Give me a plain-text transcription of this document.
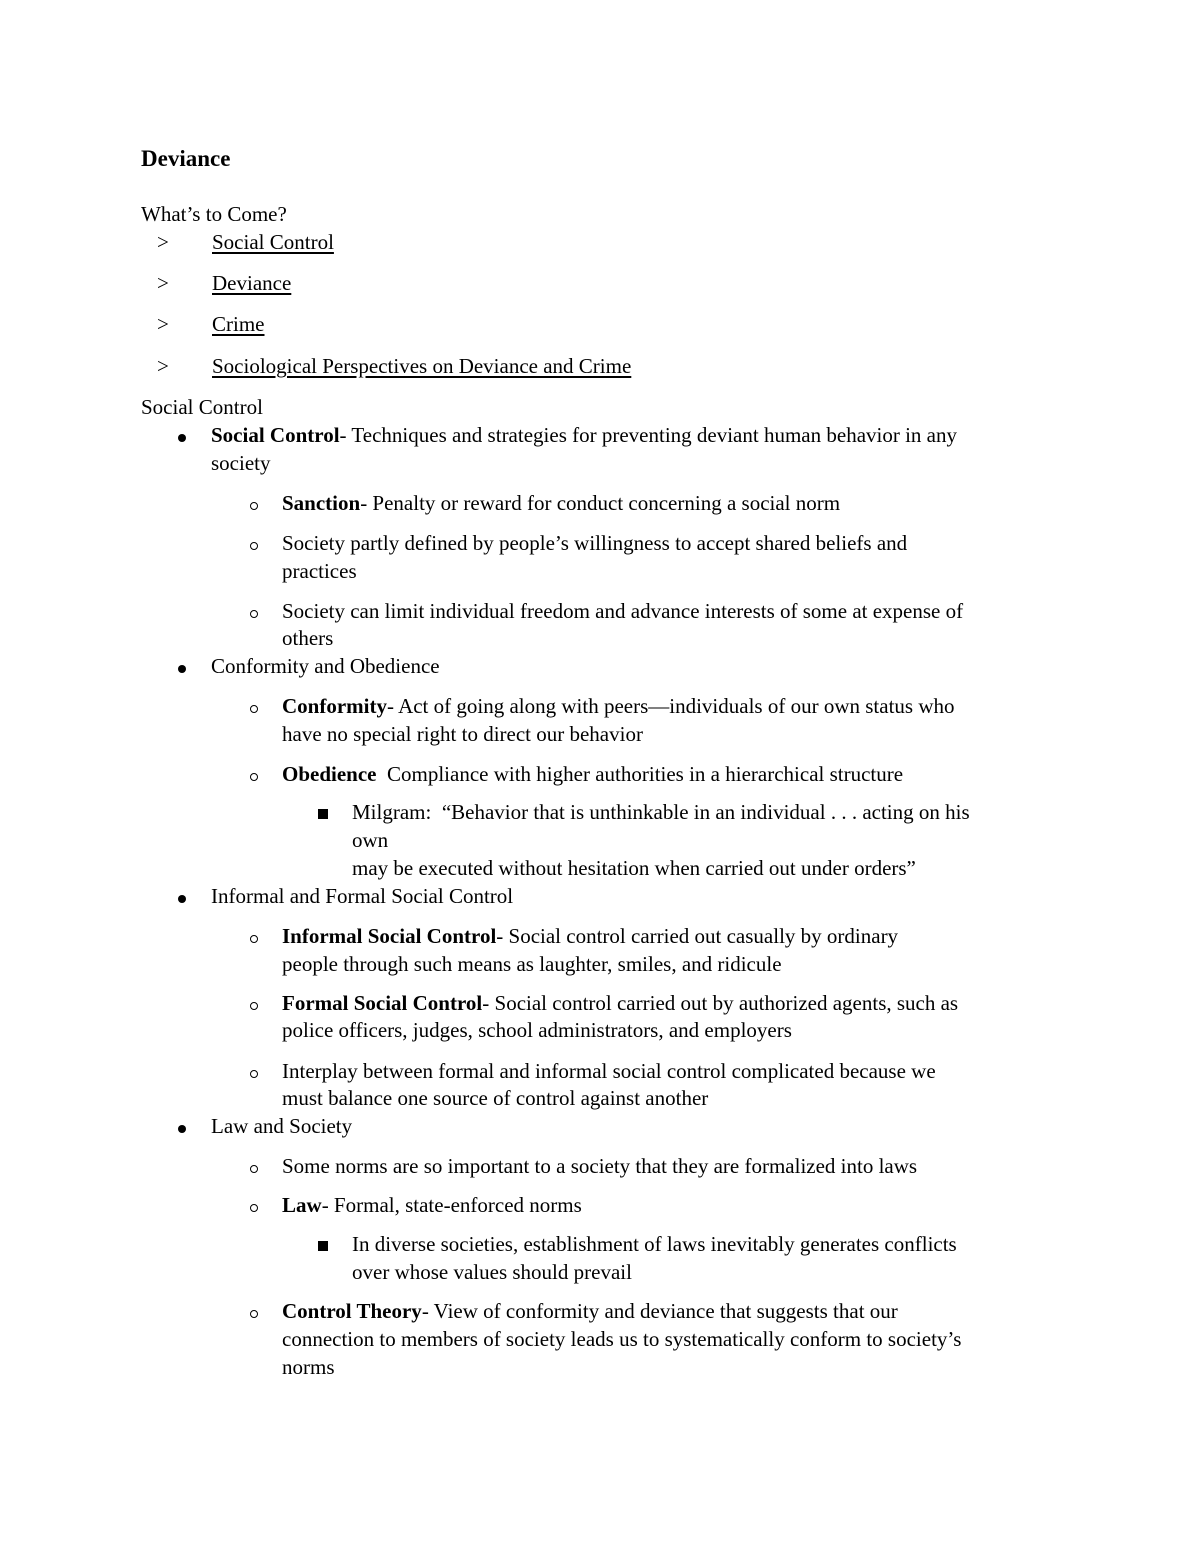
Deviance

What’s to Come?

> Social Control

> Deviance

> Crime

> Sociological Perspectives on Deviance and Crime

Social Control

Social Control- Techniques and strategies for preventing deviant human behavior in any

society

Sanction- Penalty or reward for conduct concerning a social norm

Society partly defined by people’s willingness to accept shared beliefs and

practices

Society can limit individual freedom and advance interests of some at expense of

others

Conformity and Obedience

Conformity- Act of going along with peers—individuals of our own status who

have no special right to direct our behavior

Obedience  Compliance with higher authorities in a hierarchical structure

Milgram:  “Behavior that is unthinkable in an individual . . . acting on his

own

may be executed without hesitation when carried out under orders”

Informal and Formal Social Control

Informal Social Control- Social control carried out casually by ordinary

people through such means as laughter, smiles, and ridicule

Formal Social Control- Social control carried out by authorized agents, such as

police officers, judges, school administrators, and employers

Interplay between formal and informal social control complicated because we

must balance one source of control against another

Law and Society

Some norms are so important to a society that they are formalized into laws

Law- Formal, state-enforced norms

In diverse societies, establishment of laws inevitably generates conflicts

over whose values should prevail

Control Theory- View of conformity and deviance that suggests that our

connection to members of society leads us to systematically conform to society’s

norms
